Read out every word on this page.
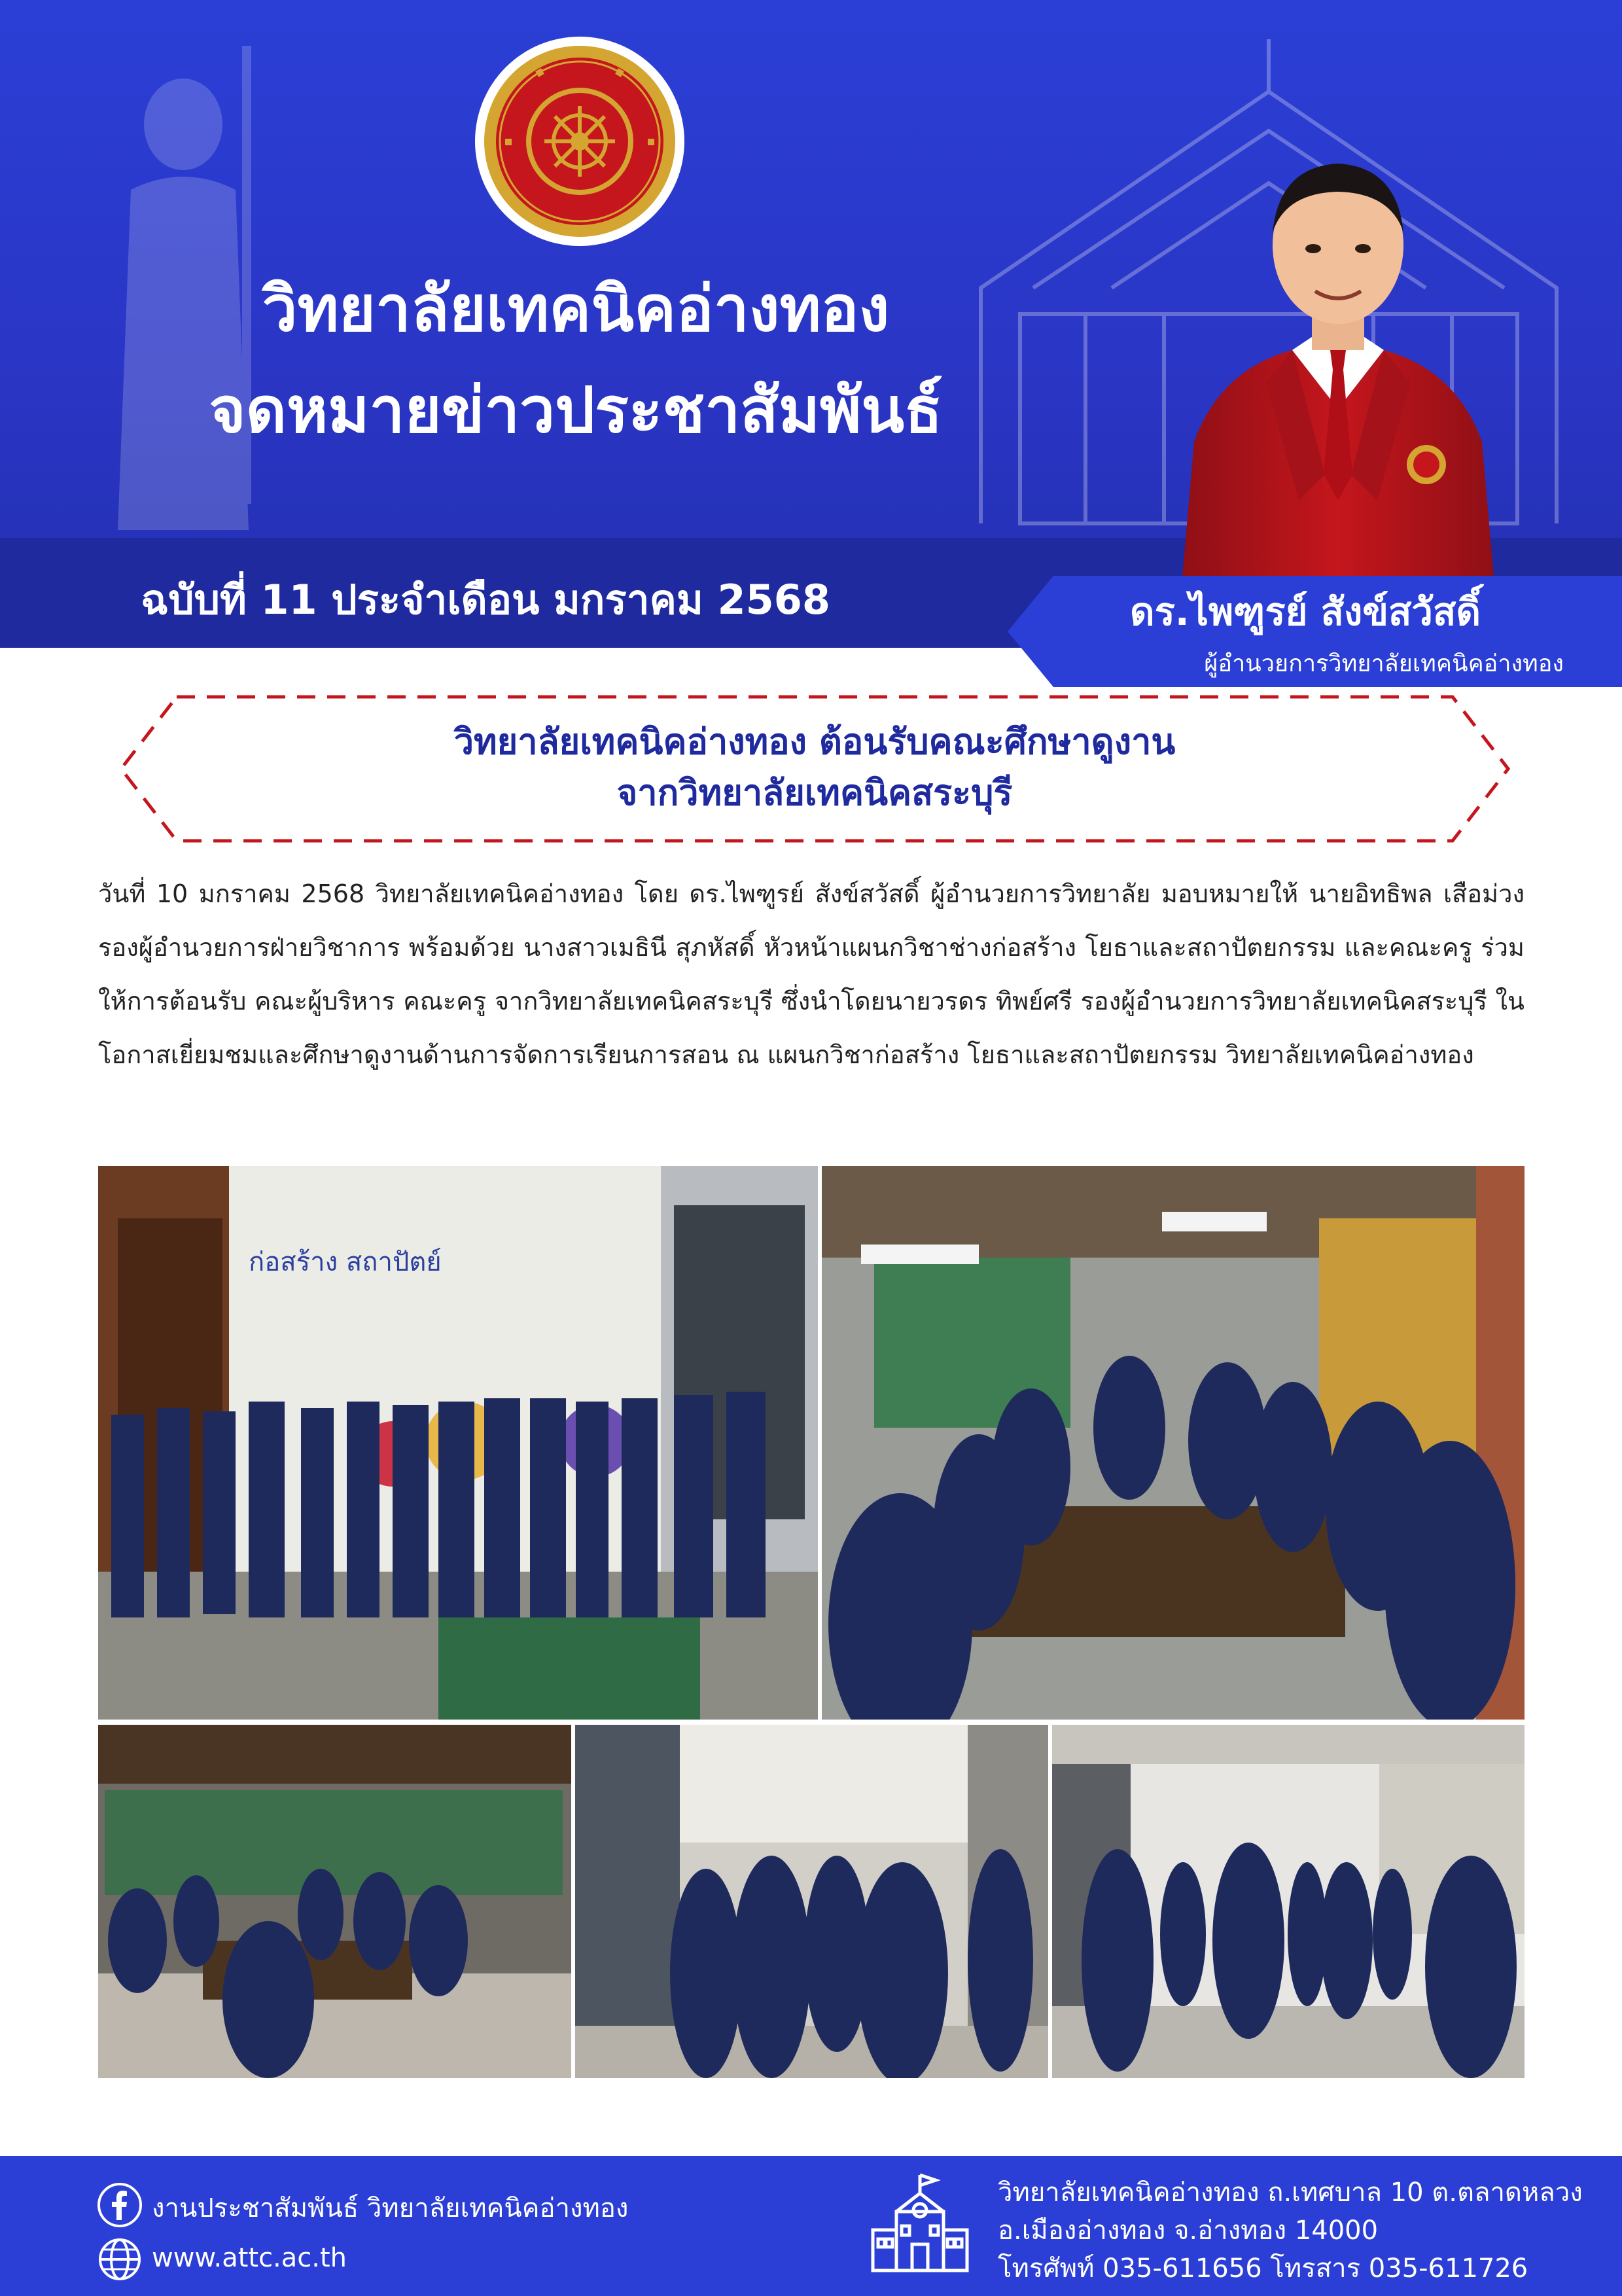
วิทยาลัยเทคนิคอ่างทอง
จดหมายข่าวประชาสัมพันธ์
ฉบับที่ 11 ประจำเดือน มกราคม 2568	ดร.ไพฑูรย์ สังข์สวัสดิ์
ผู้อำนวยการวิทยาลัยเทคนิคอ่างทอง
วิทยาลัยเทคนิคอ่างทอง ต้อนรับคณะศึกษาดูงาน
จากวิทยาลัยเทคนิคสระบุรี
วันที่ 10 มกราคม 2568 วิทยาลัยเทคนิคอ่างทอง โดย ดร.ไพฑูรย์ สังข์สวัสดิ์ ผู้อำนวยการวิทยาลัย มอบหมายให้ นายอิทธิพล เสือม่วง รองผู้อำนวยการฝ่ายวิชาการ พร้อมด้วย นางสาวเมธินี สุภหัสดิ์ หัวหน้าแผนกวิชาช่างก่อสร้าง โยธาและสถาปัตยกรรม และคณะครู ร่วมให้การต้อนรับ คณะผู้บริหาร คณะครู จากวิทยาลัยเทคนิคสระบุรี ซึ่งนำโดยนายวรดร ทิพย์ศรี รองผู้อำนวยการวิทยาลัยเทคนิคสระบุรี ในโอกาสเยี่ยมชมและศึกษาดูงานด้านการจัดการเรียนการสอน ณ แผนกวิชาก่อสร้าง โยธาและสถาปัตยกรรม วิทยาลัยเทคนิคอ่างทอง
ก่อสร้าง สถาปัตย์
งานประชาสัมพันธ์ วิทยาลัยเทคนิคอ่างทอง
www.attc.ac.th
วิทยาลัยเทคนิคอ่างทอง ถ.เทศบาล 10 ต.ตลาดหลวง
อ.เมืองอ่างทอง จ.อ่างทอง 14000
โทรศัพท์ 035-611656 โทรสาร 035-611726
